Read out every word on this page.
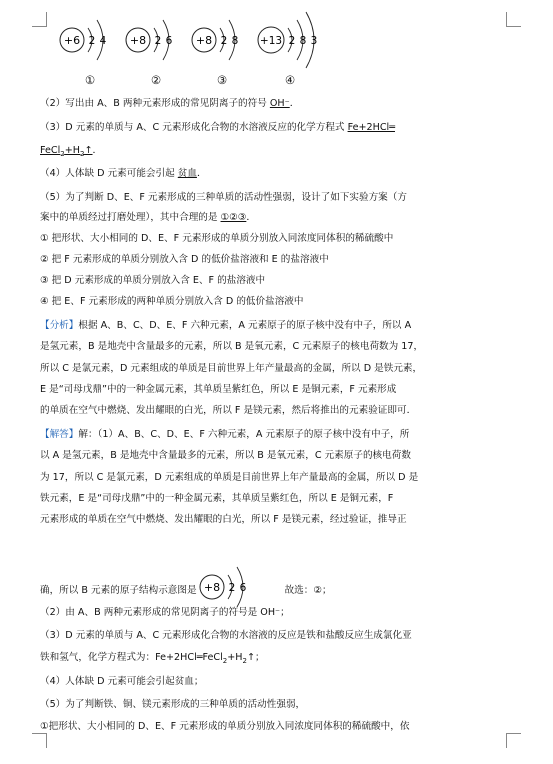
+6 2 4
①
+8 2 6
②
+8 2 8
③
+13 2 8 3
④
（2）写出由 A、B 两种元素形成的常见阴离子的符号 OH⁻．
（3）D 元素的单质与 A、C 元素形成化合物的水溶液反应的化学方程式 Fe+2HCl═
$FeCl_2+H_2↑$．
（4）人体缺 D 元素可能会引起 贫血．
（5）为了判断 D、E、F 元素形成的三种单质的活动性强弱，设计了如下实验方案（方
案中的单质经过打磨处理），其中合理的是 ①②③．
① 把形状、大小相同的 D、E、F 元素形成的单质分别放入同浓度同体积的稀硫酸中
② 把 F 元素形成的单质分别放入含 D 的低价盐溶液和 E 的盐溶液中
③ 把 D 元素形成的单质分别放入含 E、F 的盐溶液中
④ 把 E、F 元素形成的两种单质分别放入含 D 的低价盐溶液中
【分析】根据 A、B、C、D、E、F 六种元素，A 元素原子的原子核中没有中子，所以 A
是氢元素，B 是地壳中含量最多的元素，所以 B 是氧元素，C 元素原子的核电荷数为 17，
所以 C 是氯元素，D 元素组成的单质是目前世界上年产量最高的金属，所以 D 是铁元素，
E 是“司母戊鼎”中的一种金属元素，其单质呈紫红色，所以 E 是铜元素，F 元素形成
的单质在空气中燃烧、发出耀眼的白光，所以 F 是镁元素，然后将推出的元素验证即可．
【解答】解：（1）A、B、C、D、E、F 六种元素，A 元素原子的原子核中没有中子，所
以 A 是氢元素，B 是地壳中含量最多的元素，所以 B 是氧元素，C 元素原子的核电荷数
为 17，所以 C 是氯元素，D 元素组成的单质是目前世界上年产量最高的金属，所以 D 是
铁元素，E 是“司母戊鼎”中的一种金属元素，其单质呈紫红色，所以 E 是铜元素，F
元素形成的单质在空气中燃烧、发出耀眼的白光，所以 F 是镁元素，经过验证，推导正
+8 2 6
确，所以 B 元素的原子结构示意图是	故选：②；
（2）由 A、B 两种元素形成的常见阴离子的符号是 OH⁻；
（3）D 元素的单质与 A、C 元素形成化合物的水溶液的反应是铁和盐酸反应生成氯化亚
铁和氢气，化学方程式为：$Fe+2HCl═FeCl_2+H_2↑$；
（4）人体缺 D 元素可能会引起贫血；
（5）为了判断铁、铜、镁元素形成的三种单质的活动性强弱，
①把形状、大小相同的 D、E、F 元素形成的单质分别放入同浓度同体积的稀硫酸中，依
